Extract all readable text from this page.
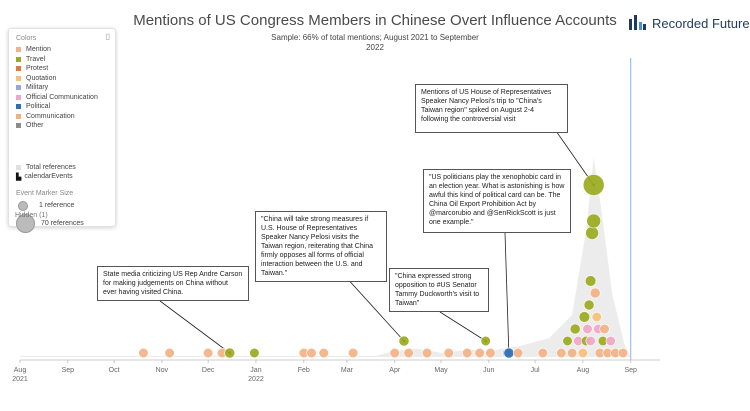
Mentions of US Congress Members in Chinese Overt Influence Accounts
Sample: 66% of total mentions; August 2021 to September 2022
Recorded Future
Aug
2021
Sep	Oct	Nov	Dec	Jan
2022
Feb	Mar	Apr	May	Jun	Jul	Aug	Sep
▯
Colors
Mention
Travel
Protest
Quotation
Military
Official Communication
Political
Communication
Other
Total references
▙ calendarEvents
Event Marker Size
1 reference
70 references
Hidden (1)
State media criticizing US Rep Andre Carson for making judgements on China without ever having visited China.
"China will take strong measures if U.S. House of Representatives Speaker Nancy Pelosi visits the Taiwan region, reiterating that China firmly opposes all forms of official interaction between the U.S. and Taiwan."	"China expressed strong opposition to #US Senator Tammy Duckworth's visit to Taiwan"
"US politicians play the xenophobic card in an election year. What is astonishing is how awful this kind of political card can be. The China Oil Export Prohibition Act by @marcorubio and @SenRickScott is just one example."
Mentions of US House of Representatives Speaker Nancy Pelosi's trip to "China's Taiwan region" spiked on August 2-4 following the controversial visit
